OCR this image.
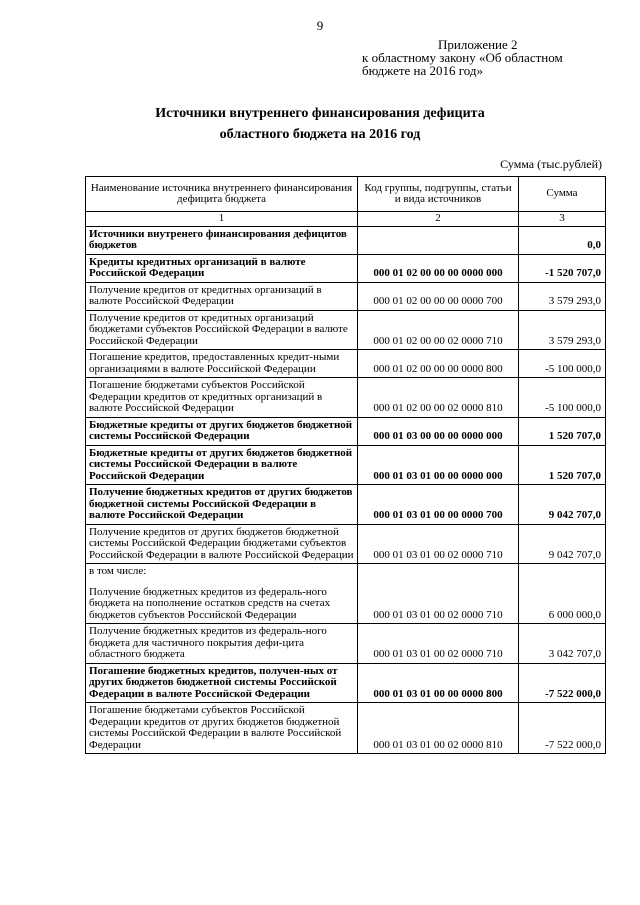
9
Приложение 2
к областному закону «Об областном
бюджете на 2016 год»
Источники внутреннего финансирования дефицита
областного бюджета на 2016 год
Сумма (тыс.рублей)
Наименование источника внутреннего финансирования дефицита бюджета	Код группы, подгруппы, статьи и вида источников	Сумма
1	2	3

Источники внутренего финансирования дефицитов бюджетов		0,0

Кредиты кредитных организаций в валюте Российской Федерации	000 01 02 00 00 00 0000 000	-1 520 707,0

Получение кредитов от кредитных организаций в валюте Российской Федерации	000 01 02 00 00 00 0000 700	3 579 293,0

Получение кредитов от кредитных организаций бюджетами субъектов Российской Федерации в валюте Российской Федерации	000 01 02 00 00 02 0000 710	3 579 293,0

Погашение кредитов, предоставленных кредит-ными организациями в валюте Российской Федерации	000 01 02 00 00 00 0000 800	-5 100 000,0

Погашение бюджетами субъектов Российской Федерации кредитов от кредитных организаций в валюте Российской Федерации	000 01 02 00 00 02 0000 810	-5 100 000,0

Бюджетные кредиты от других бюджетов бюджетной системы Российской Федерации	000 01 03 00 00 00 0000 000	1 520 707,0

Бюджетные кредиты от других бюджетов бюджетной системы Российской Федерации в валюте Российской Федерации	000 01 03 01 00 00 0000 000	1 520 707,0

Получение бюджетных кредитов от других бюджетов бюджетной системы Российской Федерации в валюте Российской Федерации	000 01 03 01 00 00 0000 700	9 042 707,0

Получение кредитов от других бюджетов бюджетной системы Российской Федерации бюджетами субъектов Российской Федерации в валюте Российской Федерации	000 01 03 01 00 02 0000 710	9 042 707,0

в том числе:
Получение бюджетных кредитов из федераль-ного бюджета на пополнение остатков средств на счетах бюджетов субъектов Российской Федерации	000 01 03 01 00 02 0000 710	6 000 000,0

Получение бюджетных кредитов из федераль-ного бюджета для частичного покрытия дефи-цита областного бюджета	000 01 03 01 00 02 0000 710	3 042 707,0

Погашение бюджетных кредитов, получен-ных от других бюджетов бюджетной системы Российской Федерации в валюте Российской Федерации	000 01 03 01 00 00 0000 800	-7 522 000,0

Погашение бюджетами субъектов Российской Федерации кредитов от других бюджетов бюджетной системы Российской Федерации в валюте Российской Федерации	000 01 03 01 00 02 0000 810	-7 522 000,0
